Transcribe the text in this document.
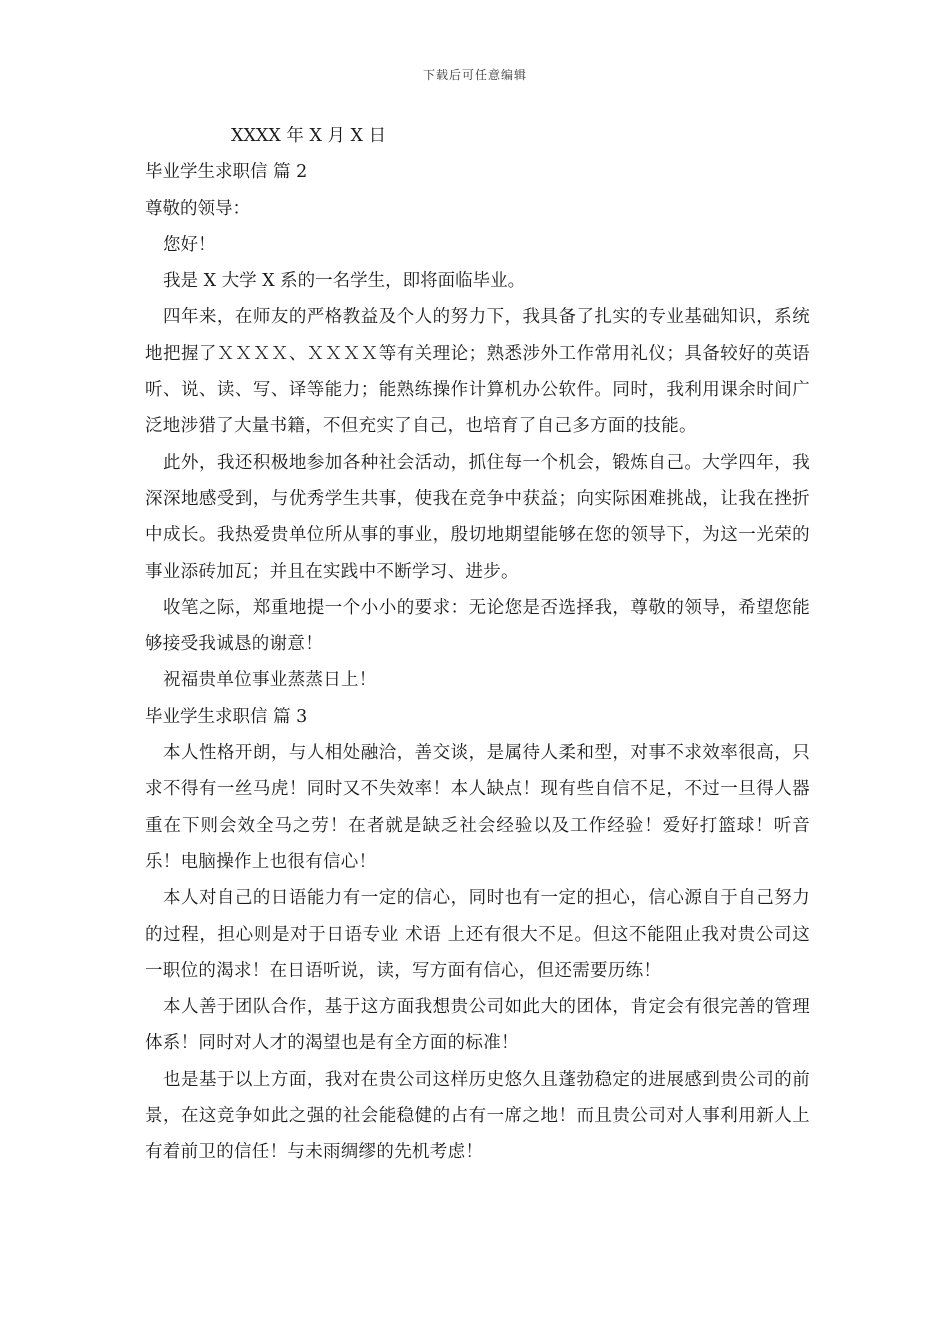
下载后可任意编辑

XXXX 年 X 月 X 日

毕业学生求职信 篇 2

尊敬的领导：

您好！

我是 X 大学 X 系的一名学生，即将面临毕业。

四年来，在师友的严格教益及个人的努力下，我具备了扎实的专业基础知识，系统地把握了ＸＸＸＸ、ＸＸＸＸ等有关理论；熟悉涉外工作常用礼仪；具备较好的英语听、说、读、写、译等能力；能熟练操作计算机办公软件。同时，我利用课余时间广泛地涉猎了大量书籍，不但充实了自己，也培育了自己多方面的技能。

此外，我还积极地参加各种社会活动，抓住每一个机会，锻炼自己。大学四年，我深深地感受到，与优秀学生共事，使我在竞争中获益；向实际困难挑战，让我在挫折中成长。我热爱贵单位所从事的事业，殷切地期望能够在您的领导下，为这一光荣的事业添砖加瓦；并且在实践中不断学习、进步。

收笔之际，郑重地提一个小小的要求：无论您是否选择我，尊敬的领导，希望您能够接受我诚恳的谢意！

祝福贵单位事业蒸蒸日上！

毕业学生求职信 篇 3

本人性格开朗，与人相处融洽，善交谈，是属待人柔和型，对事不求效率很高，只求不得有一丝马虎！同时又不失效率！本人缺点！现有些自信不足，不过一旦得人器重在下则会效全马之劳！在者就是缺乏社会经验以及工作经验！爱好打篮球！听音乐！电脑操作上也很有信心！

本人对自己的日语能力有一定的信心，同时也有一定的担心，信心源自于自己努力的过程，担心则是对于日语专业 术语 上还有很大不足。但这不能阻止我对贵公司这一职位的渴求！在日语听说，读，写方面有信心，但还需要历练！

本人善于团队合作，基于这方面我想贵公司如此大的团体，肯定会有很完善的管理体系！同时对人才的渴望也是有全方面的标准！

也是基于以上方面，我对在贵公司这样历史悠久且蓬勃稳定的进展感到贵公司的前景，在这竞争如此之强的社会能稳健的占有一席之地！而且贵公司对人事利用新人上有着前卫的信任！与未雨绸缪的先机考虑！
